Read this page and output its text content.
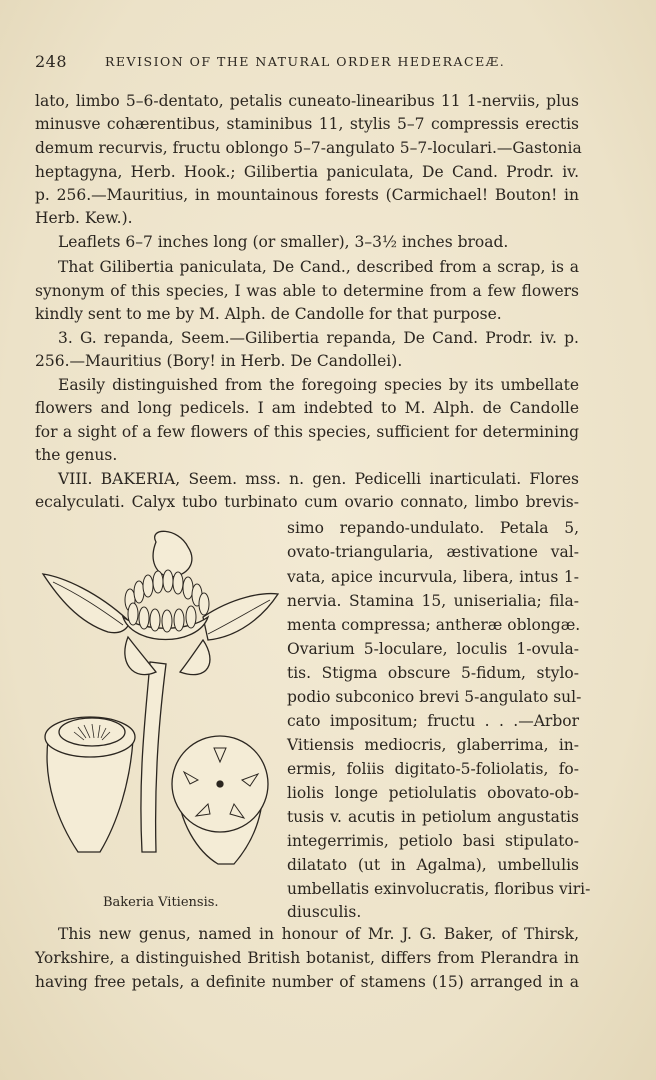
248	REVISION OF THE NATURAL ORDER HEDERACEÆ.
lato, limbo 5–6-dentato, petalis cuneato-linearibus 11 1-nerviis, plus
minusve cohærentibus, staminibus 11, stylis 5–7 compressis erectis
demum recurvis, fructu oblongo 5–7-angulato 5–7-loculari.—Gastonia
heptagyna, Herb. Hook.; Gilibertia paniculata, De Cand. Prodr. iv.
p. 256.—Mauritius, in mountainous forests (Carmichael! Bouton! in
Herb. Kew.).
Leaflets 6–7 inches long (or smaller), 3–3½ inches broad.
That Gilibertia paniculata, De Cand., described from a scrap, is a
synonym of this species, I was able to determine from a few flowers
kindly sent to me by M. Alph. de Candolle for that purpose.
3. G. repanda, Seem.—Gilibertia repanda, De Cand. Prodr. iv. p.
256.—Mauritius (Bory! in Herb. De Candollei).
Easily distinguished from the foregoing species by its umbellate
flowers and long pedicels. I am indebted to M. Alph. de Candolle
for a sight of a few flowers of this species, sufficient for determining
the genus.
VIII. BAKERIA, Seem. mss. n. gen. Pedicelli inarticulati. Flores
ecalyculati. Calyx tubo turbinato cum ovario connato, limbo brevis-
simo repando-undulato. Petala 5,
ovato-triangularia, æstivatione val-
vata, apice incurvula, libera, intus 1-
nervia. Stamina 15, uniserialia; fila-
menta compressa; antheræ oblongæ.
Ovarium 5-loculare, loculis 1-ovula-
tis. Stigma obscure 5-fidum, stylo-
podio subconico brevi 5-angulato sul-
cato impositum; fructu . . .—Arbor
Vitiensis mediocris, glaberrima, in-
ermis, foliis digitato-5-foliolatis, fo-
liolis longe petiolulatis obovato-ob-
tusis v. acutis in petiolum angustatis
integerrimis, petiolo basi stipulato-
dilatato (ut in Agalma), umbellulis
umbellatis exinvolucratis, floribus viri-
diusculis.
This new genus, named in honour of Mr. J. G. Baker, of Thirsk,
Yorkshire, a distinguished British botanist, differs from Plerandra in
having free petals, a definite number of stamens (15) arranged in a
Bakeria Vitiensis.
